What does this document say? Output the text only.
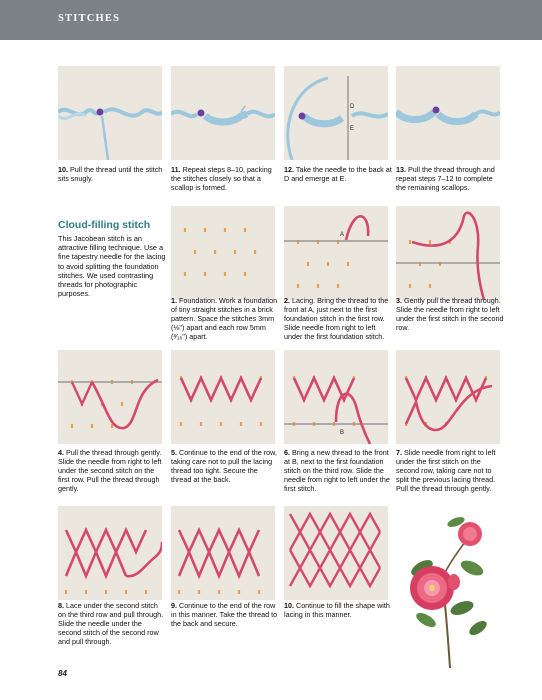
STITCHES
D
E
10. Pull the thread until the stitch sits snugly.
11. Repeat steps 8–10, packing the stitches closely so that a scallop is formed.
12. Take the needle to the back at D and emerge at E.
13. Pull the thread through and repeat steps 7–12 to complete the remaining scallops.
Cloud-filling stitch
This Jacobean stitch is an attractive filling technique. Use a fine tapestry needle for the lacing to avoid splitting the foundation stitches. We used contrasting threads for photographic purposes.
A
1. Foundation. Work a foundation of tiny straight stitches in a brick pattern. Space the stitches 3mm (⅛") apart and each row 5mm (³⁄₁₆") apart.
2. Lacing. Bring the thread to the front at A, just next to the first foundation stitch in the first row. Slide needle from right to left under the first foundation stitch.
3. Gently pull the thread through. Slide the needle from right to left under the first stitch in the second row.
B
4. Pull the thread through gently. Slide the needle from right to left under the second stitch on the first row. Pull the thread through gently.
5. Continue to the end of the row, taking care not to pull the lacing thread too tight. Secure the thread at the back.
6. Bring a new thread to the front at B, next to the first foundation stitch on the third row. Slide the needle from right to left under the first stitch.
7. Slide needle from right to left under the first stitch on the second row, taking care not to split the previous lacing thread. Pull the thread through gently.
8. Lace under the second stitch on the third row and pull through. Slide the needle under the second stitch of the second row and pull through.
9. Continue to the end of the row in this manner. Take the thread to the back and secure.
10. Continue to fill the shape with lacing in this manner.
84
